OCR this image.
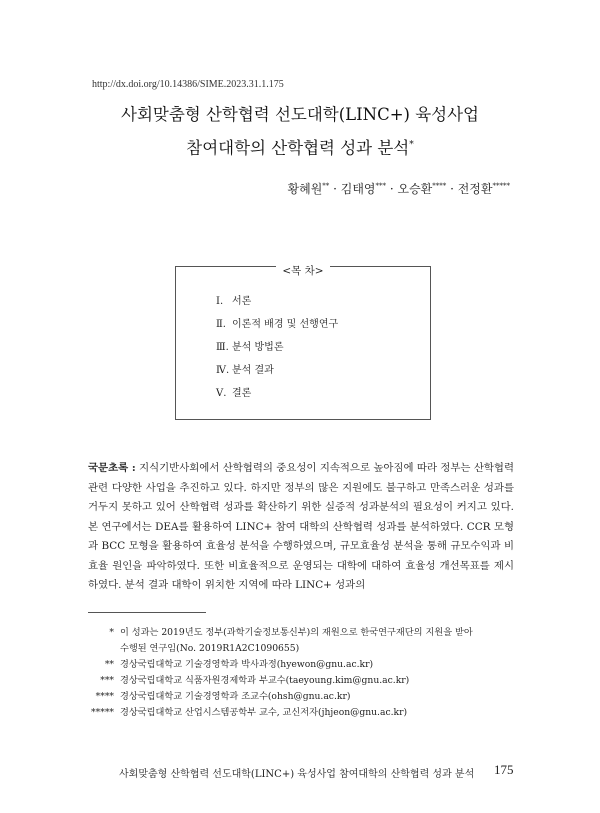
http://dx.doi.org/10.14386/SIME.2023.31.1.175
사회맞춤형 산학협력 선도대학(LINC+) 육성사업
참여대학의 산학협력 성과 분석*
황혜원** · 김태영*** · 오승환**** · 전정환*****
<목 차>
Ⅰ. 서론
Ⅱ. 이론적 배경 및 선행연구
Ⅲ. 분석 방법론
Ⅳ. 분석 결과
Ⅴ. 결론
국문초록 : 지식기반사회에서 산학협력의 중요성이 지속적으로 높아짐에 따라 정부는 산학협력 관련 다양한 사업을 추진하고 있다. 하지만 정부의 많은 지원에도 불구하고 만족스러운 성과를 거두지 못하고 있어 산학협력 성과를 확산하기 위한 실증적 성과분석의 필요성이 커지고 있다. 본 연구에서는 DEA를 활용하여 LINC+ 참여 대학의 산학협력 성과를 분석하였다. CCR 모형과 BCC 모형을 활용하여 효율성 분석을 수행하였으며, 규모효율성 분석을 통해 규모수익과 비효율 원인을 파악하였다. 또한 비효율적으로 운영되는 대학에 대하여 효율성 개선목표를 제시하였다. 분석 결과 대학이 위치한 지역에 따라 LINC+ 성과의
* 이 성과는 2019년도 정부(과학기술정보통신부)의 재원으로 한국연구재단의 지원을 받아
수행된 연구임(No. 2019R1A2C1090655)
** 경상국립대학교 기술경영학과 박사과정(hyewon@gnu.ac.kr)
*** 경상국립대학교 식품자원경제학과 부교수(taeyoung.kim@gnu.ac.kr)
**** 경상국립대학교 기술경영학과 조교수(ohsh@gnu.ac.kr)
***** 경상국립대학교 산업시스템공학부 교수, 교신저자(jhjeon@gnu.ac.kr)
사회맞춤형 산학협력 선도대학(LINC+) 육성사업 참여대학의 산학협력 성과 분석 175
